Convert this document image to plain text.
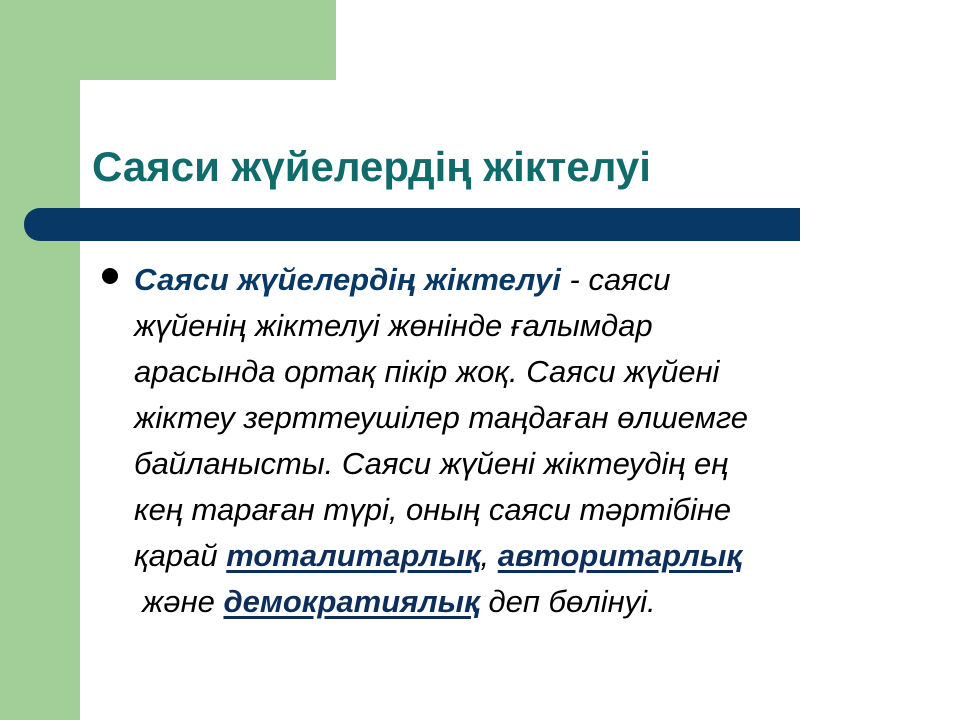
Саяси жүйелердің жіктелуі

Саяси жүйелердің жіктелуі - саяси
жүйенің жіктелуі жөнінде ғалымдар
арасында ортақ пікір жоқ. Саяси жүйені
жіктеу зерттеушілер таңдаған өлшемге
байланысты. Саяси жүйені жіктеудің ең
кең тараған түрі, оның саяси тәртібіне
қарай тоталитарлық, авторитарлық
және демократиялық деп бөлінуі.
